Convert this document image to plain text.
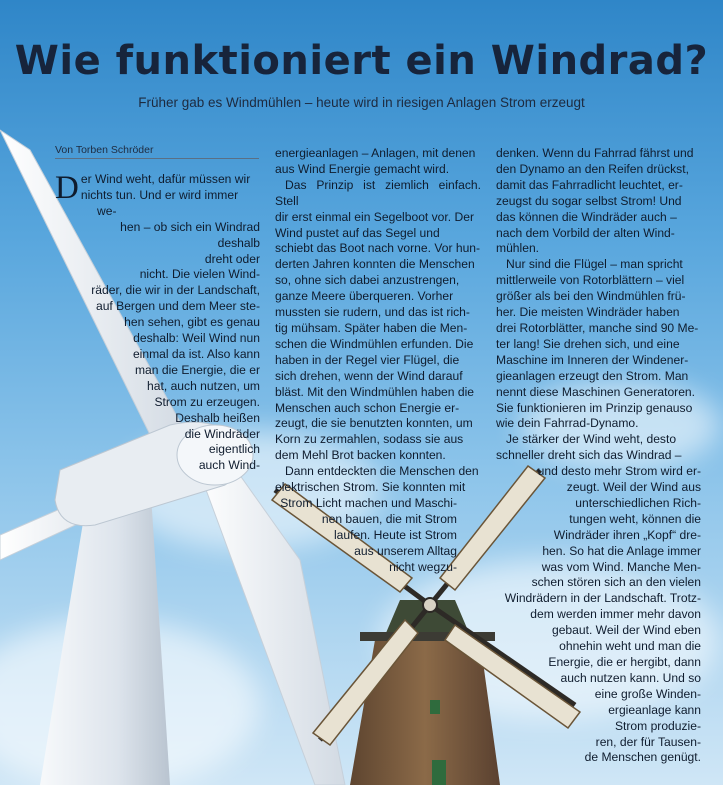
Wie funktioniert ein Windrad?

Früher gab es Windmühlen – heute wird in riesigen Anlagen Strom erzeugt

Von Torben Schröder
D er Wind weht, dafür müssen wir
nichts tun. Und er wird immer we-
hen – ob sich ein Windrad deshalb
dreht oder nicht. Die vielen Wind-
räder, die wir in der Landschaft,
auf Bergen und dem Meer ste-
hen sehen, gibt es genau
deshalb: Weil Wind nun
einmal da ist. Also kann
man die Energie, die er
hat, auch nutzen, um
Strom zu erzeugen.
Deshalb heißen
die Windräder
eigentlich
auch Wind-
energieanlagen – Anlagen, mit denen
aus Wind Energie gemacht wird.
Das Prinzip ist ziemlich einfach. Stell
dir erst einmal ein Segelboot vor. Der
Wind pustet auf das Segel und
schiebt das Boot nach vorne. Vor hun-
derten Jahren konnten die Menschen
so, ohne sich dabei anzustrengen,
ganze Meere überqueren. Vorher
mussten sie rudern, und das ist rich-
tig mühsam. Später haben die Men-
schen die Windmühlen erfunden. Die
haben in der Regel vier Flügel, die
sich drehen, wenn der Wind darauf
bläst. Mit den Windmühlen haben die
Menschen auch schon Energie er-
zeugt, die sie benutzten konnten, um
Korn zu zermahlen, sodass sie aus
dem Mehl Brot backen konnten.
Dann entdeckten die Menschen den
elektrischen Strom. Sie konnten mit
Strom Licht machen und Maschi-
nen bauen, die mit Strom
laufen. Heute ist Strom
aus unserem Alltag
nicht wegzu-
denken. Wenn du Fahrrad fährst und
den Dynamo an den Reifen drückst,
damit das Fahrradlicht leuchtet, er-
zeugst du sogar selbst Strom! Und
das können die Windräder auch –
nach dem Vorbild der alten Wind-
mühlen.
Nur sind die Flügel – man spricht
mittlerweile von Rotorblättern – viel
größer als bei den Windmühlen frü-
her. Die meisten Windräder haben
drei Rotorblätter, manche sind 90 Me-
ter lang! Sie drehen sich, und eine
Maschine im Inneren der Windener-
gieanlagen erzeugt den Strom. Man
nennt diese Maschinen Generatoren.
Sie funktionieren im Prinzip genauso
wie dein Fahrrad-Dynamo.
Je stärker der Wind weht, desto
schneller dreht sich das Windrad –
und desto mehr Strom wird er-
zeugt. Weil der Wind aus
unterschiedlichen Rich-
tungen weht, können die
Windräder ihren „Kopf“ dre-
hen. So hat die Anlage immer
was vom Wind. Manche Men-
schen stören sich an den vielen
Windrädern in der Landschaft. Trotz-
dem werden immer mehr davon
gebaut. Weil der Wind eben
ohnehin weht und man die
Energie, die er hergibt, dann
auch nutzen kann. Und so
eine große Winden-
ergieanlage kann
Strom produzie-
ren, der für Tausen-
de Menschen genügt.
